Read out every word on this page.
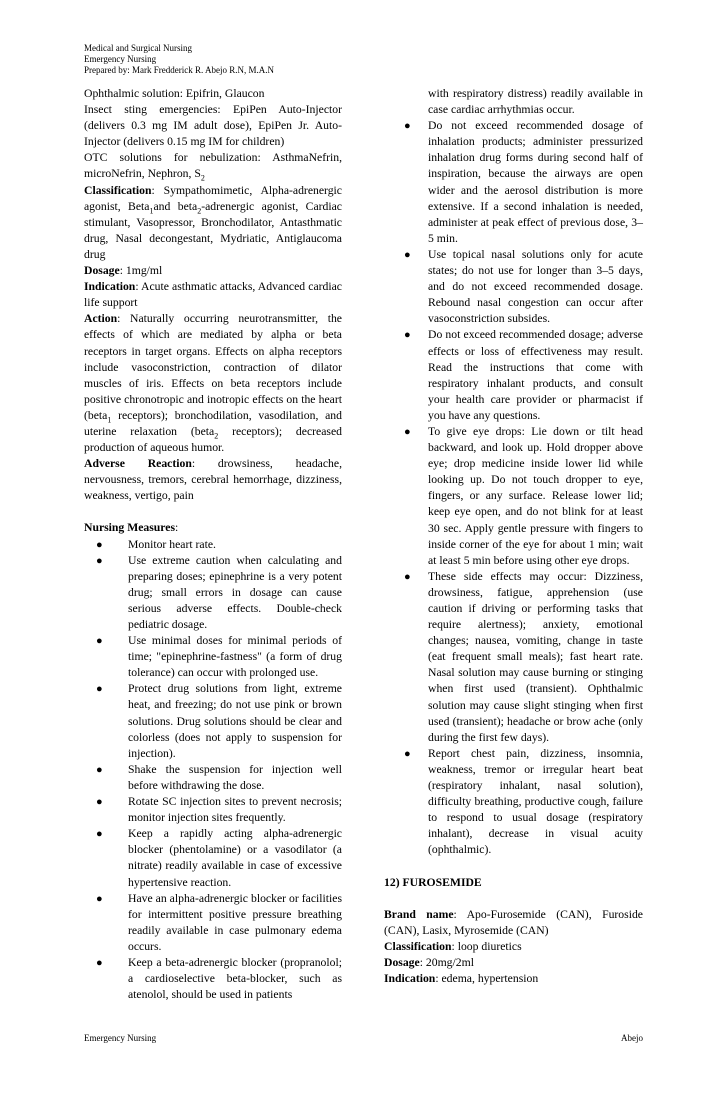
Medical and Surgical Nursing
Emergency Nursing
Prepared by: Mark Fredderick R. Abejo R.N, M.A.N

Ophthalmic solution: Epifrin, Glaucon

Insect sting emergencies: EpiPen Auto-Injector (delivers 0.3 mg IM adult dose), EpiPen Jr. Auto-Injector (delivers 0.15 mg IM for children)

OTC solutions for nebulization: AsthmaNefrin, microNefrin, Nephron, $S_2$

Classification: Sympathomimetic, Alpha-adrenergic agonist, Beta$_1$and beta$_2$-adrenergic agonist, Cardiac stimulant, Vasopressor, Bronchodilator, Antasthmatic drug, Nasal decongestant, Mydriatic, Antiglaucoma drug

Dosage: 1mg/ml

Indication: Acute asthmatic attacks, Advanced cardiac life support

Action: Naturally occurring neurotransmitter, the effects of which are mediated by alpha or beta receptors in target organs. Effects on alpha receptors include vasoconstriction, contraction of dilator muscles of iris. Effects on beta receptors include positive chronotropic and inotropic effects on the heart (beta$_1$ receptors); bronchodilation, vasodilation, and uterine relaxation (beta$_2$ receptors); decreased production of aqueous humor.

Adverse Reaction: drowsiness, headache, nervousness, tremors, cerebral hemorrhage, dizziness, weakness, vertigo, pain

Nursing Measures:

● Monitor heart rate.
● Use extreme caution when calculating and preparing doses; epinephrine is a very potent drug; small errors in dosage can cause serious adverse effects. Double-check pediatric dosage.
● Use minimal doses for minimal periods of time; "epinephrine-fastness" (a form of drug tolerance) can occur with prolonged use.
● Protect drug solutions from light, extreme heat, and freezing; do not use pink or brown solutions. Drug solutions should be clear and colorless (does not apply to suspension for injection).
● Shake the suspension for injection well before withdrawing the dose.
● Rotate SC injection sites to prevent necrosis; monitor injection sites frequently.
● Keep a rapidly acting alpha-adrenergic blocker (phentolamine) or a vasodilator (a nitrate) readily available in case of excessive hypertensive reaction.
● Have an alpha-adrenergic blocker or facilities for intermittent positive pressure breathing readily available in case pulmonary edema occurs.
● Keep a beta-adrenergic blocker (propranolol; a cardioselective beta-blocker, such as atenolol, should be used in patients

with respiratory distress) readily available in case cardiac arrhythmias occur.

● Do not exceed recommended dosage of inhalation products; administer pressurized inhalation drug forms during second half of inspiration, because the airways are open wider and the aerosol distribution is more extensive. If a second inhalation is needed, administer at peak effect of previous dose, 3–5 min.
● Use topical nasal solutions only for acute states; do not use for longer than 3–5 days, and do not exceed recommended dosage. Rebound nasal congestion can occur after vasoconstriction subsides.
● Do not exceed recommended dosage; adverse effects or loss of effectiveness may result. Read the instructions that come with respiratory inhalant products, and consult your health care provider or pharmacist if you have any questions.
● To give eye drops: Lie down or tilt head backward, and look up. Hold dropper above eye; drop medicine inside lower lid while looking up. Do not touch dropper to eye, fingers, or any surface. Release lower lid; keep eye open, and do not blink for at least 30 sec. Apply gentle pressure with fingers to inside corner of the eye for about 1 min; wait at least 5 min before using other eye drops.
● These side effects may occur: Dizziness, drowsiness, fatigue, apprehension (use caution if driving or performing tasks that require alertness); anxiety, emotional changes; nausea, vomiting, change in taste (eat frequent small meals); fast heart rate. Nasal solution may cause burning or stinging when first used (transient). Ophthalmic solution may cause slight stinging when first used (transient); headache or brow ache (only during the first few days).
● Report chest pain, dizziness, insomnia, weakness, tremor or irregular heart beat (respiratory inhalant, nasal solution), difficulty breathing, productive cough, failure to respond to usual dosage (respiratory inhalant), decrease in visual acuity (ophthalmic).

12) FUROSEMIDE

Brand name: Apo-Furosemide (CAN), Furoside (CAN), Lasix, Myrosemide (CAN)

Classification: loop diuretics

Dosage: 20mg/2ml

Indication: edema, hypertension

Emergency Nursing	Abejo
